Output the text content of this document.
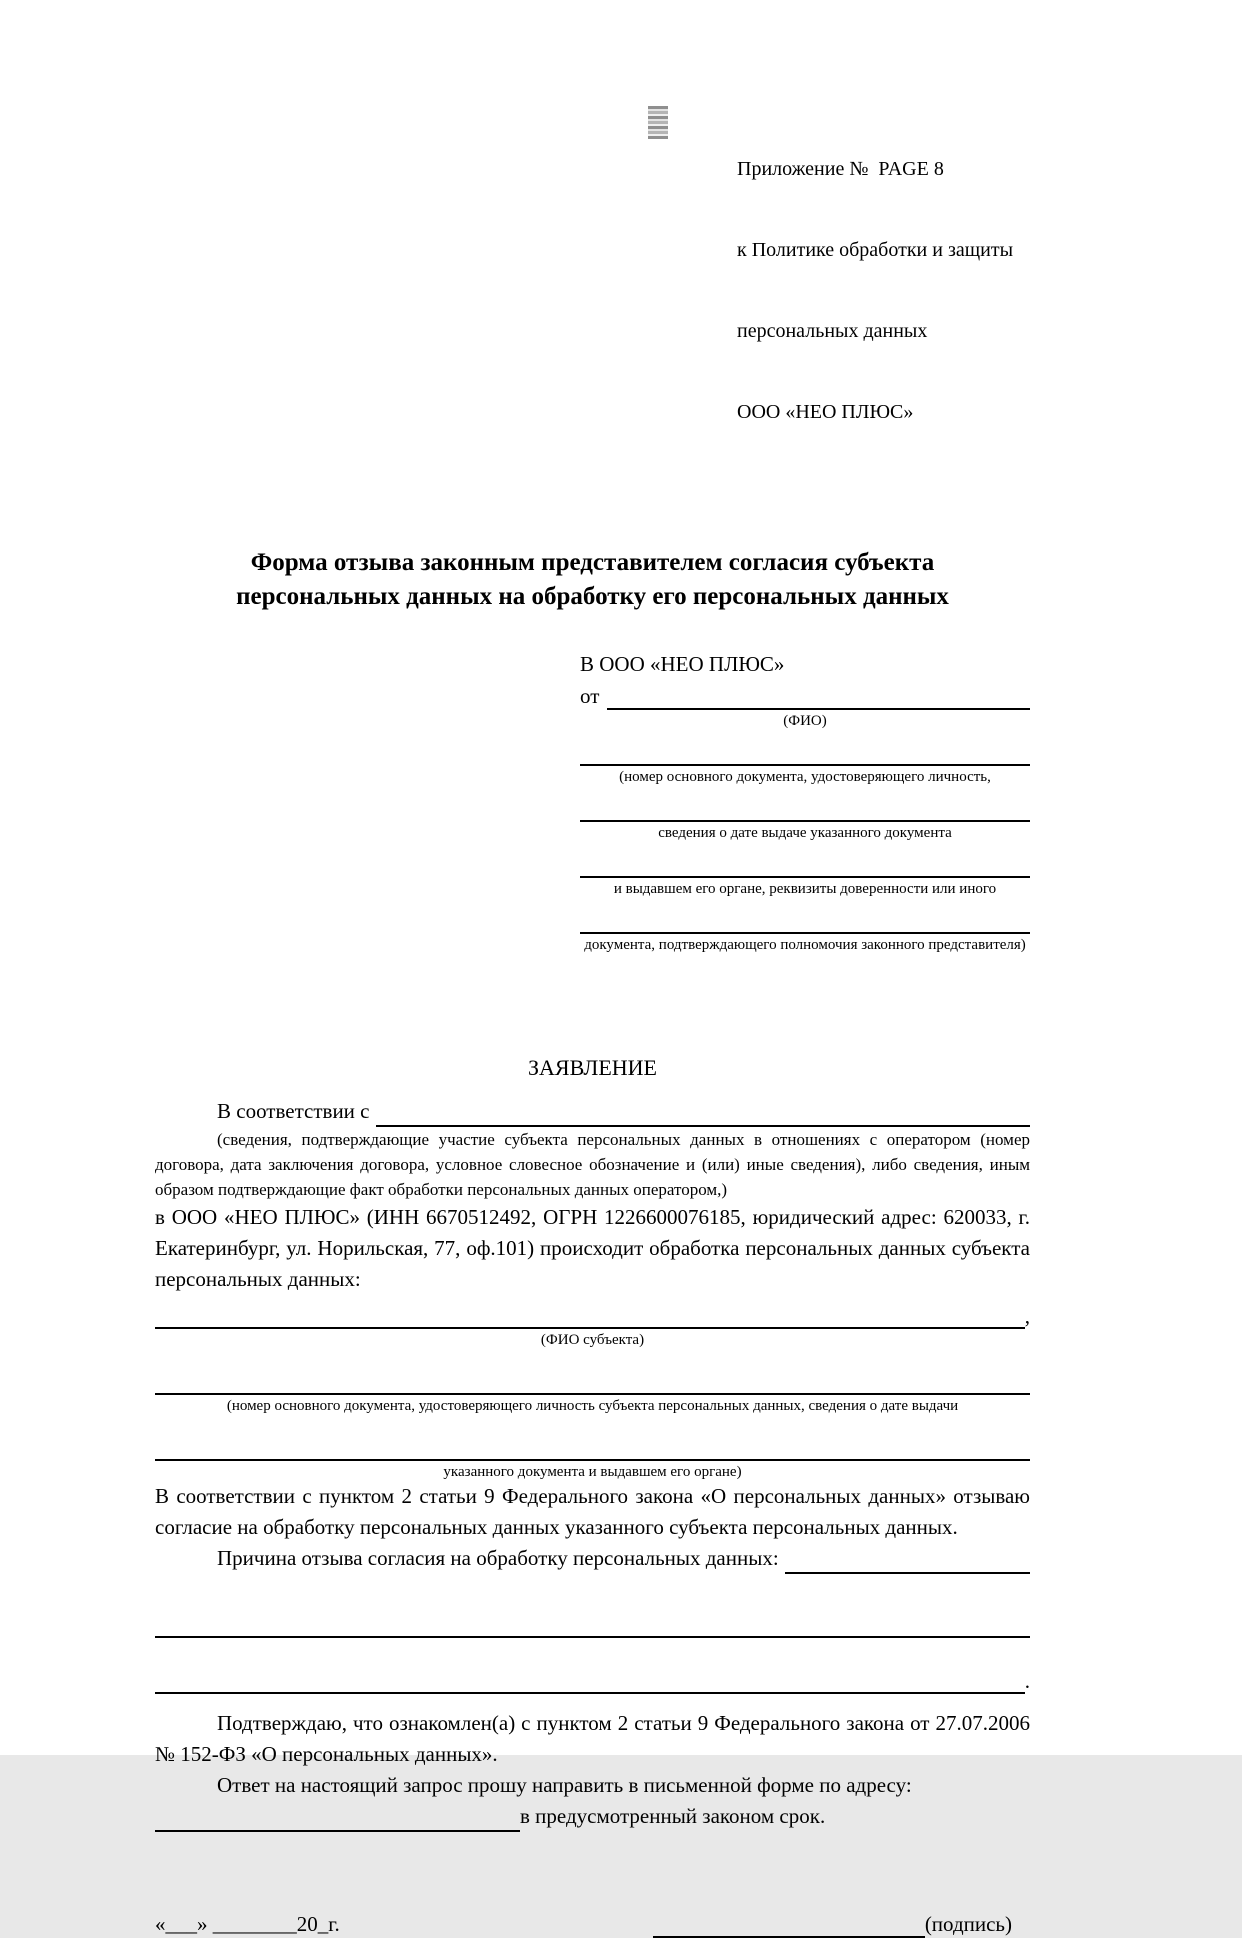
Приложение №  PAGE 8

к Политике обработки и защиты

персональных данных

ООО «НЕО ПЛЮС»

Форма отзыва законным представителем согласия субъекта персональных данных на обработку его персональных данных
В ООО «НЕО ПЛЮС»
от
(ФИО)
(номер основного документа, удостоверяющего личность,
сведения о дате выдаче указанного документа
и выдавшем его органе, реквизиты доверенности или иного
документа, подтверждающего полномочия законного представителя)
ЗАЯВЛЕНИЕ
В соответствии с

(сведения, подтверждающие участие субъекта персональных данных в отношениях с оператором (номер договора, дата заключения договора, условное словесное обозначение и (или) иные сведения), либо сведения, иным образом подтверждающие факт обработки персональных данных оператором,)

в ООО «НЕО ПЛЮС» (ИНН 6670512492, ОГРН 1226600076185, юридический адрес: 620033, г. Екатеринбург, ул. Норильская, 77, оф.101) происходит обработка персональных данных субъекта персональных данных:

,
(ФИО субъекта)
(номер основного документа, удостоверяющего личность субъекта персональных данных, сведения о дате выдачи
указанного документа и выдавшем его органе)

В соответствии с пунктом 2 статьи 9 Федерального закона «О персональных данных» отзываю согласие на обработку персональных данных указанного субъекта персональных данных.

Причина отзыва согласия на обработку персональных данных:
.

Подтверждаю, что ознакомлен(а) с пунктом 2 статьи 9 Федерального закона от 27.07.2006 № 152-ФЗ «О персональных данных».

Ответ на настоящий запрос прошу направить в письменной форме по адресу:

в предусмотренный законом срок.
«___» ________20_г.	(подпись)
